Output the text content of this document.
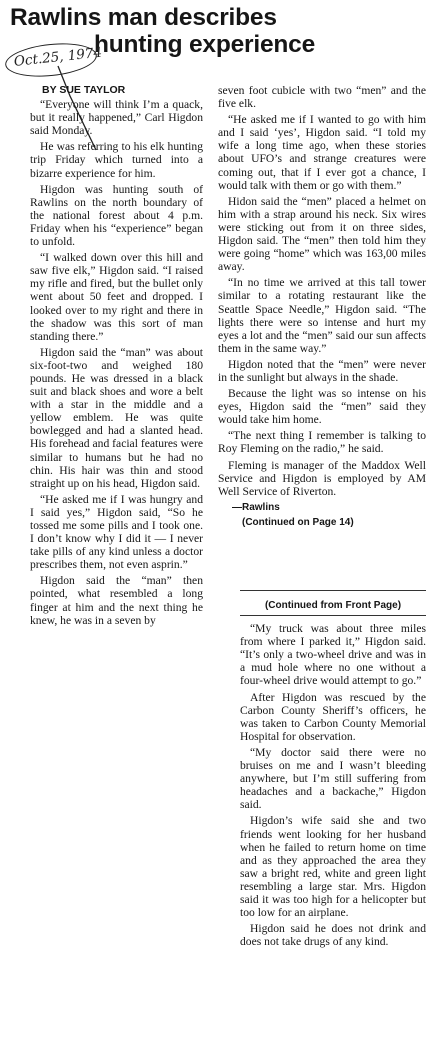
Rawlins man describes
hunting experience
Oct.25, 1974
BY SUE TAYLOR

“Everyone will think I’m a quack, but it really happened,” Carl Higdon said Monday.

He was referring to his elk hunting trip Friday which turned into a bizarre experience for him.

Higdon was hunting south of Rawlins on the north boundary of the national forest about 4 p.m. Friday when his “experience” began to unfold.

“I walked down over this hill and saw five elk,” Higdon said. “I raised my rifle and fired, but the bullet only went about 50 feet and dropped. I looked over to my right and there in the shadow was this sort of man standing there.”

Higdon said the “man” was about six-foot-two and weighed 180 pounds. He was dressed in a black suit and black shoes and wore a belt with a star in the middle and a yellow emblem. He was quite bowlegged and had a slanted head. His forehead and facial features were similar to humans but he had no chin. His hair was thin and stood straight up on his head, Higdon said.

“He asked me if I was hungry and I said yes,” Higdon said, “So he tossed me some pills and I took one. I don’t know why I did it — I never take pills of any kind unless a doctor prescribes them, not even asprin.”

Higdon said the “man” then pointed, what resembled a long finger at him and the next thing he knew, he was in a seven by

seven foot cubicle with two “men” and the five elk.

“He asked me if I wanted to go with him and I said ‘yes’, Higdon said. “I told my wife a long time ago, when these stories about UFO’s and strange creatures were coming out, that if I ever got a chance, I would talk with them or go with them.”

Hidon said the “men” placed a helmet on him with a strap around his neck. Six wires were sticking out from it on three sides, Higdon said. The “men” then told him they were going “home” which was 163,00 miles away.

“In no time we arrived at this tall tower similar to a rotating restaurant like the Seattle Space Needle,” Higdon said. “The lights there were so intense and hurt my eyes a lot and the “men” said our sun affects them in the same way.”

Higdon noted that the “men” were never in the sunlight but always in the shade.

Because the light was so intense on his eyes, Higdon said the “men” said they would take him home.

“The next thing I remember is talking to Roy Fleming on the radio,” he said.

Fleming is manager of the Maddox Well Service and Higdon is employed by AM Well Service of Riverton.

—Rawlins
(Continued on Page 14)
(Continued from Front Page)

“My truck was about three miles from where I parked it,” Higdon said. “It’s only a two-wheel drive and was in a mud hole where no one without a four-wheel drive would attempt to go.”

After Higdon was rescued by the Carbon County Sheriff’s officers, he was taken to Carbon County Memorial Hospital for observation.

“My doctor said there were no bruises on me and I wasn’t bleeding anywhere, but I’m still suffering from headaches and a backache,” Higdon said.

Higdon’s wife said she and two friends went looking for her husband when he failed to return home on time and as they approached the area they saw a bright red, white and green light resembling a large star. Mrs. Higdon said it was too high for a helicopter but too low for an airplane.

Higdon said he does not drink and does not take drugs of any kind.
